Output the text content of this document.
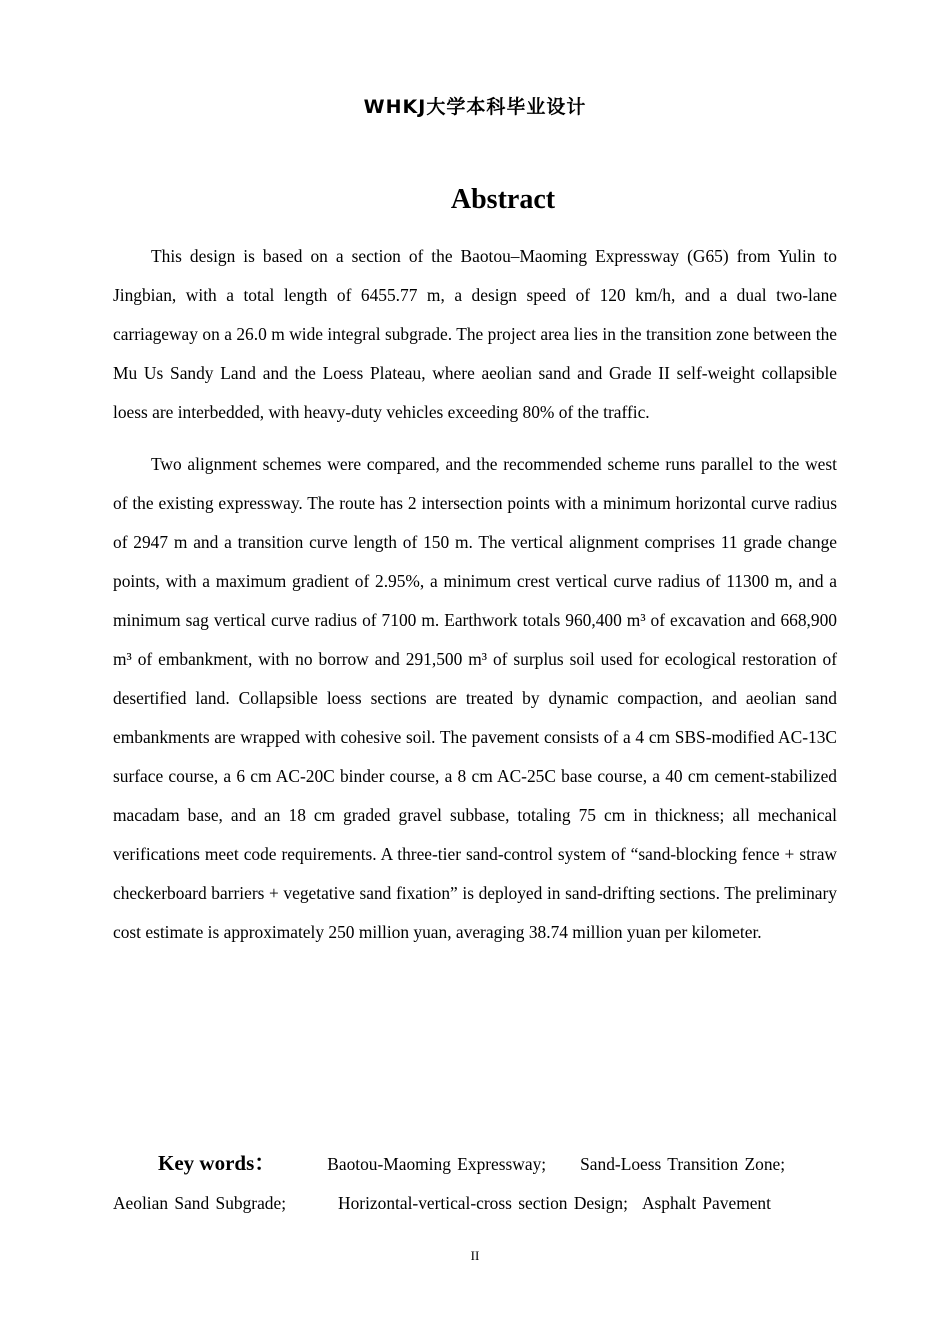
WHKJ大学本科毕业设计
Abstract

This design is based on a section of the Baotou–Maoming Expressway (G65) from Yulin to Jingbian, with a total length of 6455.77 m, a design speed of 120 km/h, and a dual two-lane carriageway on a 26.0 m wide integral subgrade. The project area lies in the transition zone between the Mu Us Sandy Land and the Loess Plateau, where aeolian sand and Grade II self-weight collapsible loess are interbedded, with heavy-duty vehicles exceeding 80% of the traffic.

Two alignment schemes were compared, and the recommended scheme runs parallel to the west of the existing expressway. The route has 2 intersection points with a minimum horizontal curve radius of 2947 m and a transition curve length of 150 m. The vertical alignment comprises 11 grade change points, with a maximum gradient of 2.95%, a minimum crest vertical curve radius of 11300 m, and a minimum sag vertical curve radius of 7100 m. Earthwork totals 960,400 m³ of excavation and 668,900 m³ of embankment, with no borrow and 291,500 m³ of surplus soil used for ecological restoration of desertified land. Collapsible loess sections are treated by dynamic compaction, and aeolian sand embankments are wrapped with cohesive soil. The pavement consists of a 4 cm SBS-modified AC-13C surface course, a 6 cm AC-20C binder course, a 8 cm AC-25C base course, a 40 cm cement-stabilized macadam base, and an 18 cm graded gravel subbase, totaling 75 cm in thickness; all mechanical verifications meet code requirements. A three-tier sand-control system of “sand-blocking fence + straw checkerboard barriers + vegetative sand fixation” is deployed in sand-drifting sections. The preliminary cost estimate is approximately 250 million yuan, averaging 38.74 million yuan per kilometer.

Key words：	Baotou-Maoming Expressway; Sand-Loess Transition Zone;
Aeolian Sand Subgrade;	Horizontal-vertical-cross section Design; Asphalt Pavement
II
